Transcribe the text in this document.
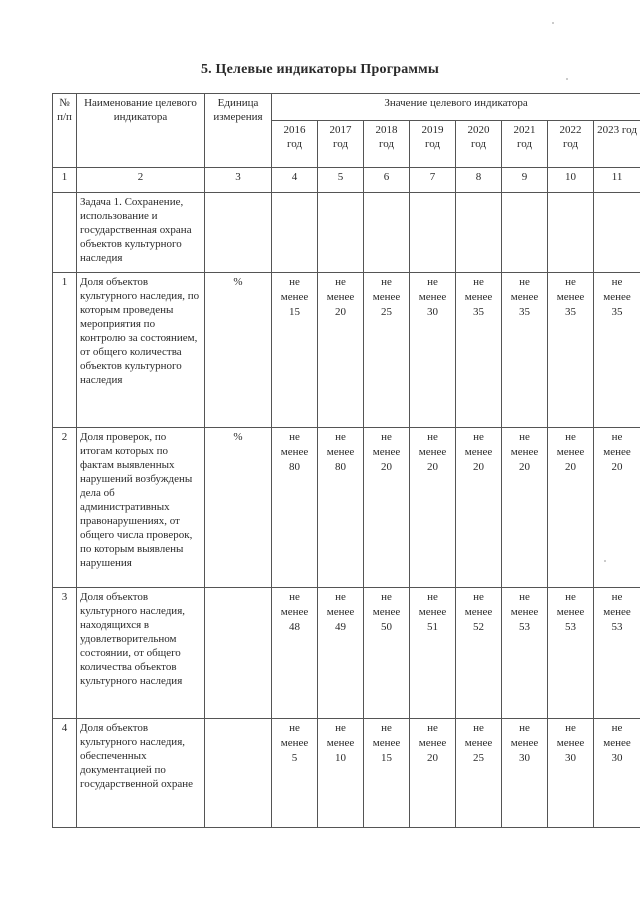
5. Целевые индикаторы Программы
№ п/п	Наименование целевого индикатора	Единица измерения	Значение целевого индикатора							
			2016 год	2017 год	2018 год	2019 год	2020 год	2021 год	2022 год	2023 год
1	2	3	4	5	6	7	8	9	10	11
	Задача 1. Сохранение, использование и государственная охрана объектов культурного наследия									
1	Доля объектов культурного наследия, по которым проведены мероприятия по контролю за состоянием, от общего количества объектов культурного наследия	%	не
менее
15	не
менее
20	не
менее
25	не
менее
30	не
менее
35	не
менее
35	не
менее
35	не
менее
35

2	Доля проверок, по итогам которых по фактам выявленных нарушений возбуждены дела об административных правонарушениях, от общего числа проверок, по которым выявлены нарушения	%	не
менее
80	не
менее
80	не
менее
20	не
менее
20	не
менее
20	не
менее
20	не
менее
20	не
менее
20

3	Доля объектов культурного наследия, находящихся в удовлетворительном состоянии, от общего количества объектов культурного наследия		не
менее
48	не
менее
49	не
менее
50	не
менее
51	не
менее
52	не
менее
53	не
менее
53	не
менее
53

4	Доля объектов культурного наследия, обеспеченных документацией по государственной охране		не
менее
5	не
менее
10	не
менее
15	не
менее
20	не
менее
25	не
менее
30	не
менее
30	не
менее
30
